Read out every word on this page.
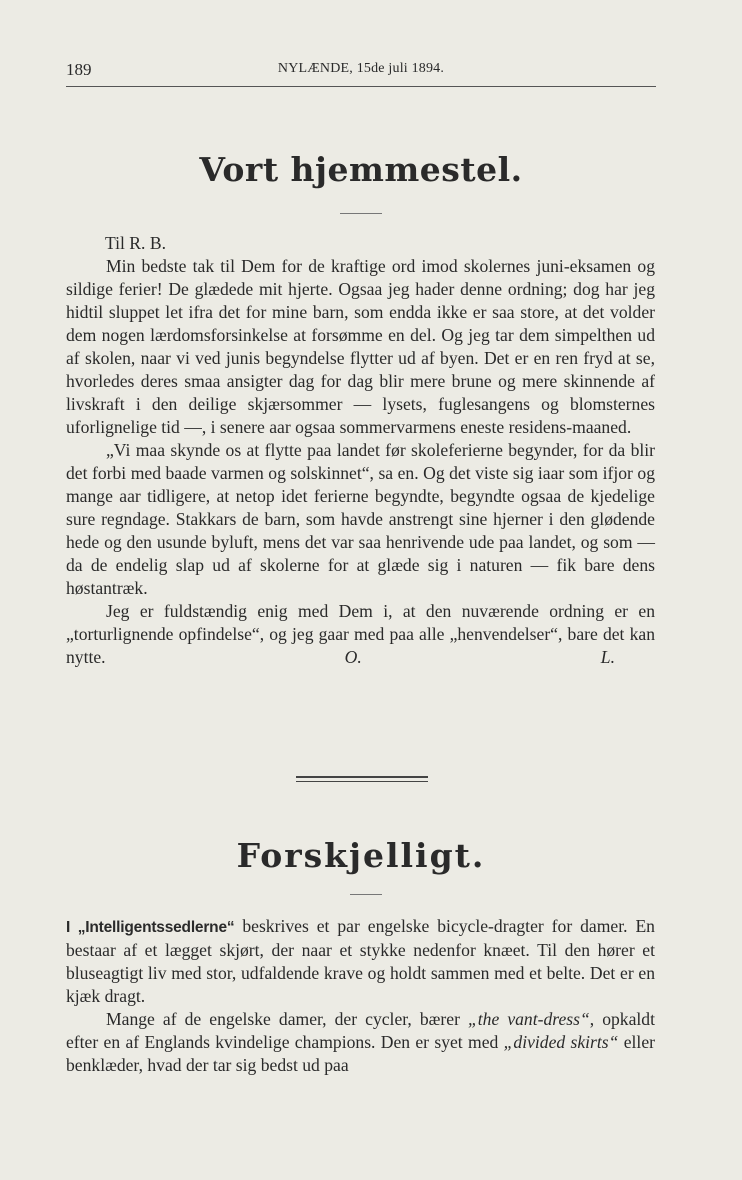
189	NYLÆNDE, 15de juli 1894.
Vort hjemmestel.

Til R. B.

Min bedste tak til Dem for de kraftige ord imod skolernes juni-eksamen og sildige ferier! De glædede mit hjerte. Ogsaa jeg hader denne ordning; dog har jeg hidtil sluppet let ifra det for mine barn, som endda ikke er saa store, at det volder dem nogen lærdomsforsinkelse at forsømme en del. Og jeg tar dem simpelthen ud af skolen, naar vi ved junis begyndelse flytter ud af byen. Det er en ren fryd at se, hvorledes deres smaa ansigter dag for dag blir mere brune og mere skinnende af livskraft i den deilige skjærsommer — lysets, fuglesangens og blomsternes uforlignelige tid —, i senere aar ogsaa sommervarmens eneste residens-maaned.

„Vi maa skynde os at flytte paa landet før skoleferierne begynder, for da blir det forbi med baade varmen og solskinnet“, sa en. Og det viste sig iaar som ifjor og mange aar tidligere, at netop idet ferierne begyndte, begyndte ogsaa de kjedelige sure regndage. Stakkars de barn, som havde anstrengt sine hjerner i den glødende hede og den usunde byluft, mens det var saa henrivende ude paa landet, og som — da de endelig slap ud af skolerne for at glæde sig i naturen — fik bare dens høstantræk.

Jeg er fuldstændig enig med Dem i, at den nuværende ordning er en „torturlignende opfindelse“, og jeg gaar med paa alle „henvendelser“, bare det kan nytte.	O. L.

Forskjelligt.

I „Intelligentssedlerne“ beskrives et par engelske bicycle-dragter for damer. En bestaar af et lægget skjørt, der naar et stykke nedenfor knæet. Til den hører et bluseagtigt liv med stor, udfaldende krave og holdt sammen med et belte. Det er en kjæk dragt.

Mange af de engelske damer, der cycler, bærer „the vant-dress“, opkaldt efter en af Englands kvindelige champions. Den er syet med „divided skirts“ eller benklæder, hvad der tar sig bedst ud paa
